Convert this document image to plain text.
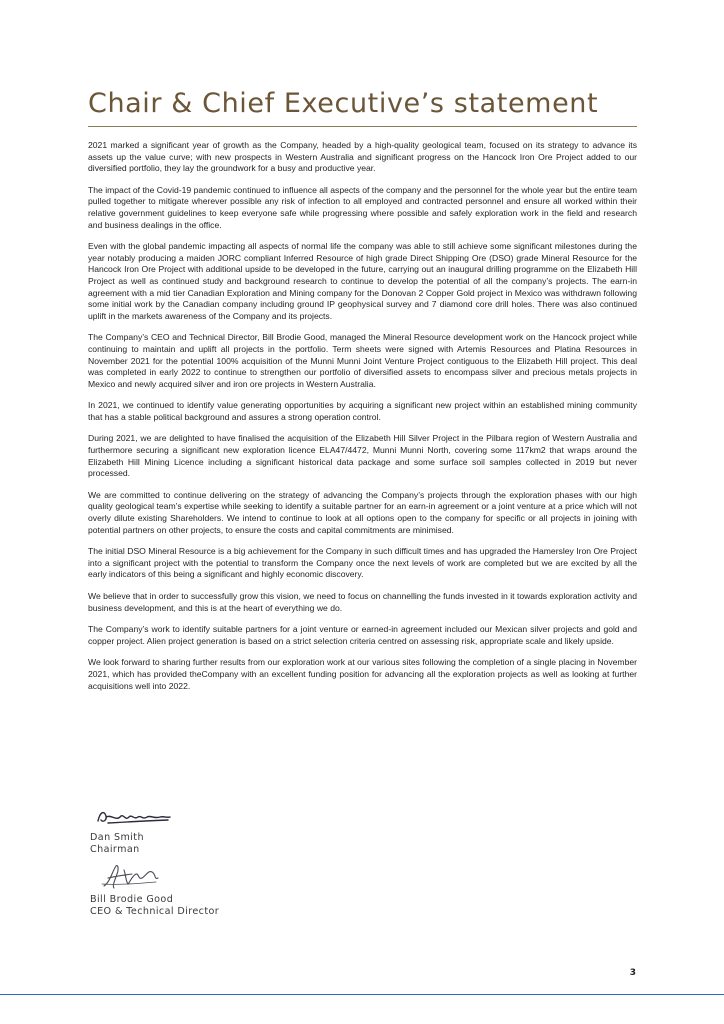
Chair & Chief Executive’s statement

2021 marked a significant year of growth as the Company, headed by a high-quality geological team, focused on its strategy to advance its assets up the value curve; with new prospects in Western Australia and significant progress on the Hancock Iron Ore Project added to our diversified portfolio, they lay the groundwork for a busy and productive year.

The impact of the Covid-19 pandemic continued to influence all aspects of the company and the personnel for the whole year but the entire team pulled together to mitigate wherever possible any risk of infection to all employed and contracted personnel and ensure all worked within their relative government guidelines to keep everyone safe while progressing where possible and safely exploration work in the field and research and business dealings in the office.

Even with the global pandemic impacting all aspects of normal life the company was able to still achieve some significant milestones during the year notably producing a maiden JORC compliant Inferred Resource of high grade Direct Shipping Ore (DSO) grade Mineral Resource for the Hancock Iron Ore Project with additional upside to be developed in the future, carrying out an inaugural drilling programme on the Elizabeth Hill Project as well as continued study and background research to continue to develop the potential of all the company’s projects. The earn-in agreement with a mid tier Canadian Exploration and Mining company for the Donovan 2 Copper Gold project in Mexico was withdrawn following some initial work by the Canadian company including ground IP geophysical survey and 7 diamond core drill holes. There was also continued uplift in the markets awareness of the Company and its projects.

The Company’s CEO and Technical Director, Bill Brodie Good, managed the Mineral Resource development work on the Hancock project while continuing to maintain and uplift all projects in the portfolio. Term sheets were signed with Artemis Resources and Platina Resources in November 2021 for the potential 100% acquisition of the Munni Munni Joint Venture Project contiguous to the Elizabeth Hill project. This deal was completed in early 2022 to continue to strengthen our portfolio of diversified assets to encompass silver and precious metals projects in Mexico and newly acquired silver and iron ore projects in Western Australia.

In 2021, we continued to identify value generating opportunities by acquiring a significant new project within an established mining community that has a stable political background and assures a strong operation control.

During 2021, we are delighted to have finalised the acquisition of the Elizabeth Hill Silver Project in the Pilbara region of Western Australia and furthermore securing a significant new exploration licence ELA47/4472, Munni Munni North, covering some 117km2 that wraps around the Elizabeth Hill Mining Licence including a significant historical data package and some surface soil samples collected in 2019 but never processed.

We are committed to continue delivering on the strategy of advancing the Company’s projects through the exploration phases with our high quality geological team’s expertise while seeking to identify a suitable partner for an earn-in agreement or a joint venture at a price which will not overly dilute existing Shareholders. We intend to continue to look at all options open to the company for specific or all projects in joining with potential partners on other projects, to ensure the costs and capital commitments are minimised.

The initial DSO Mineral Resource is a big achievement for the Company in such difficult times and has upgraded the Hamersley Iron Ore Project into a significant project with the potential to transform the Company once the next levels of work are completed but we are excited by all the early indicators of this being a significant and highly economic discovery.

We believe that in order to successfully grow this vision, we need to focus on channelling the funds invested in it towards exploration activity and business development, and this is at the heart of everything we do.

The Company’s work to identify suitable partners for a joint venture or earned-in agreement included our Mexican silver projects and gold and copper project. Alien project generation is based on a strict selection criteria centred on assessing risk, appropriate scale and likely upside.

We look forward to sharing further results from our exploration work at our various sites following the completion of a single placing in November 2021, which has provided theCompany with an excellent funding position for advancing all the exploration projects as well as looking at further acquisitions well into 2022.

Dan Smith
Chairman
Bill Brodie Good
CEO & Technical Director
3
